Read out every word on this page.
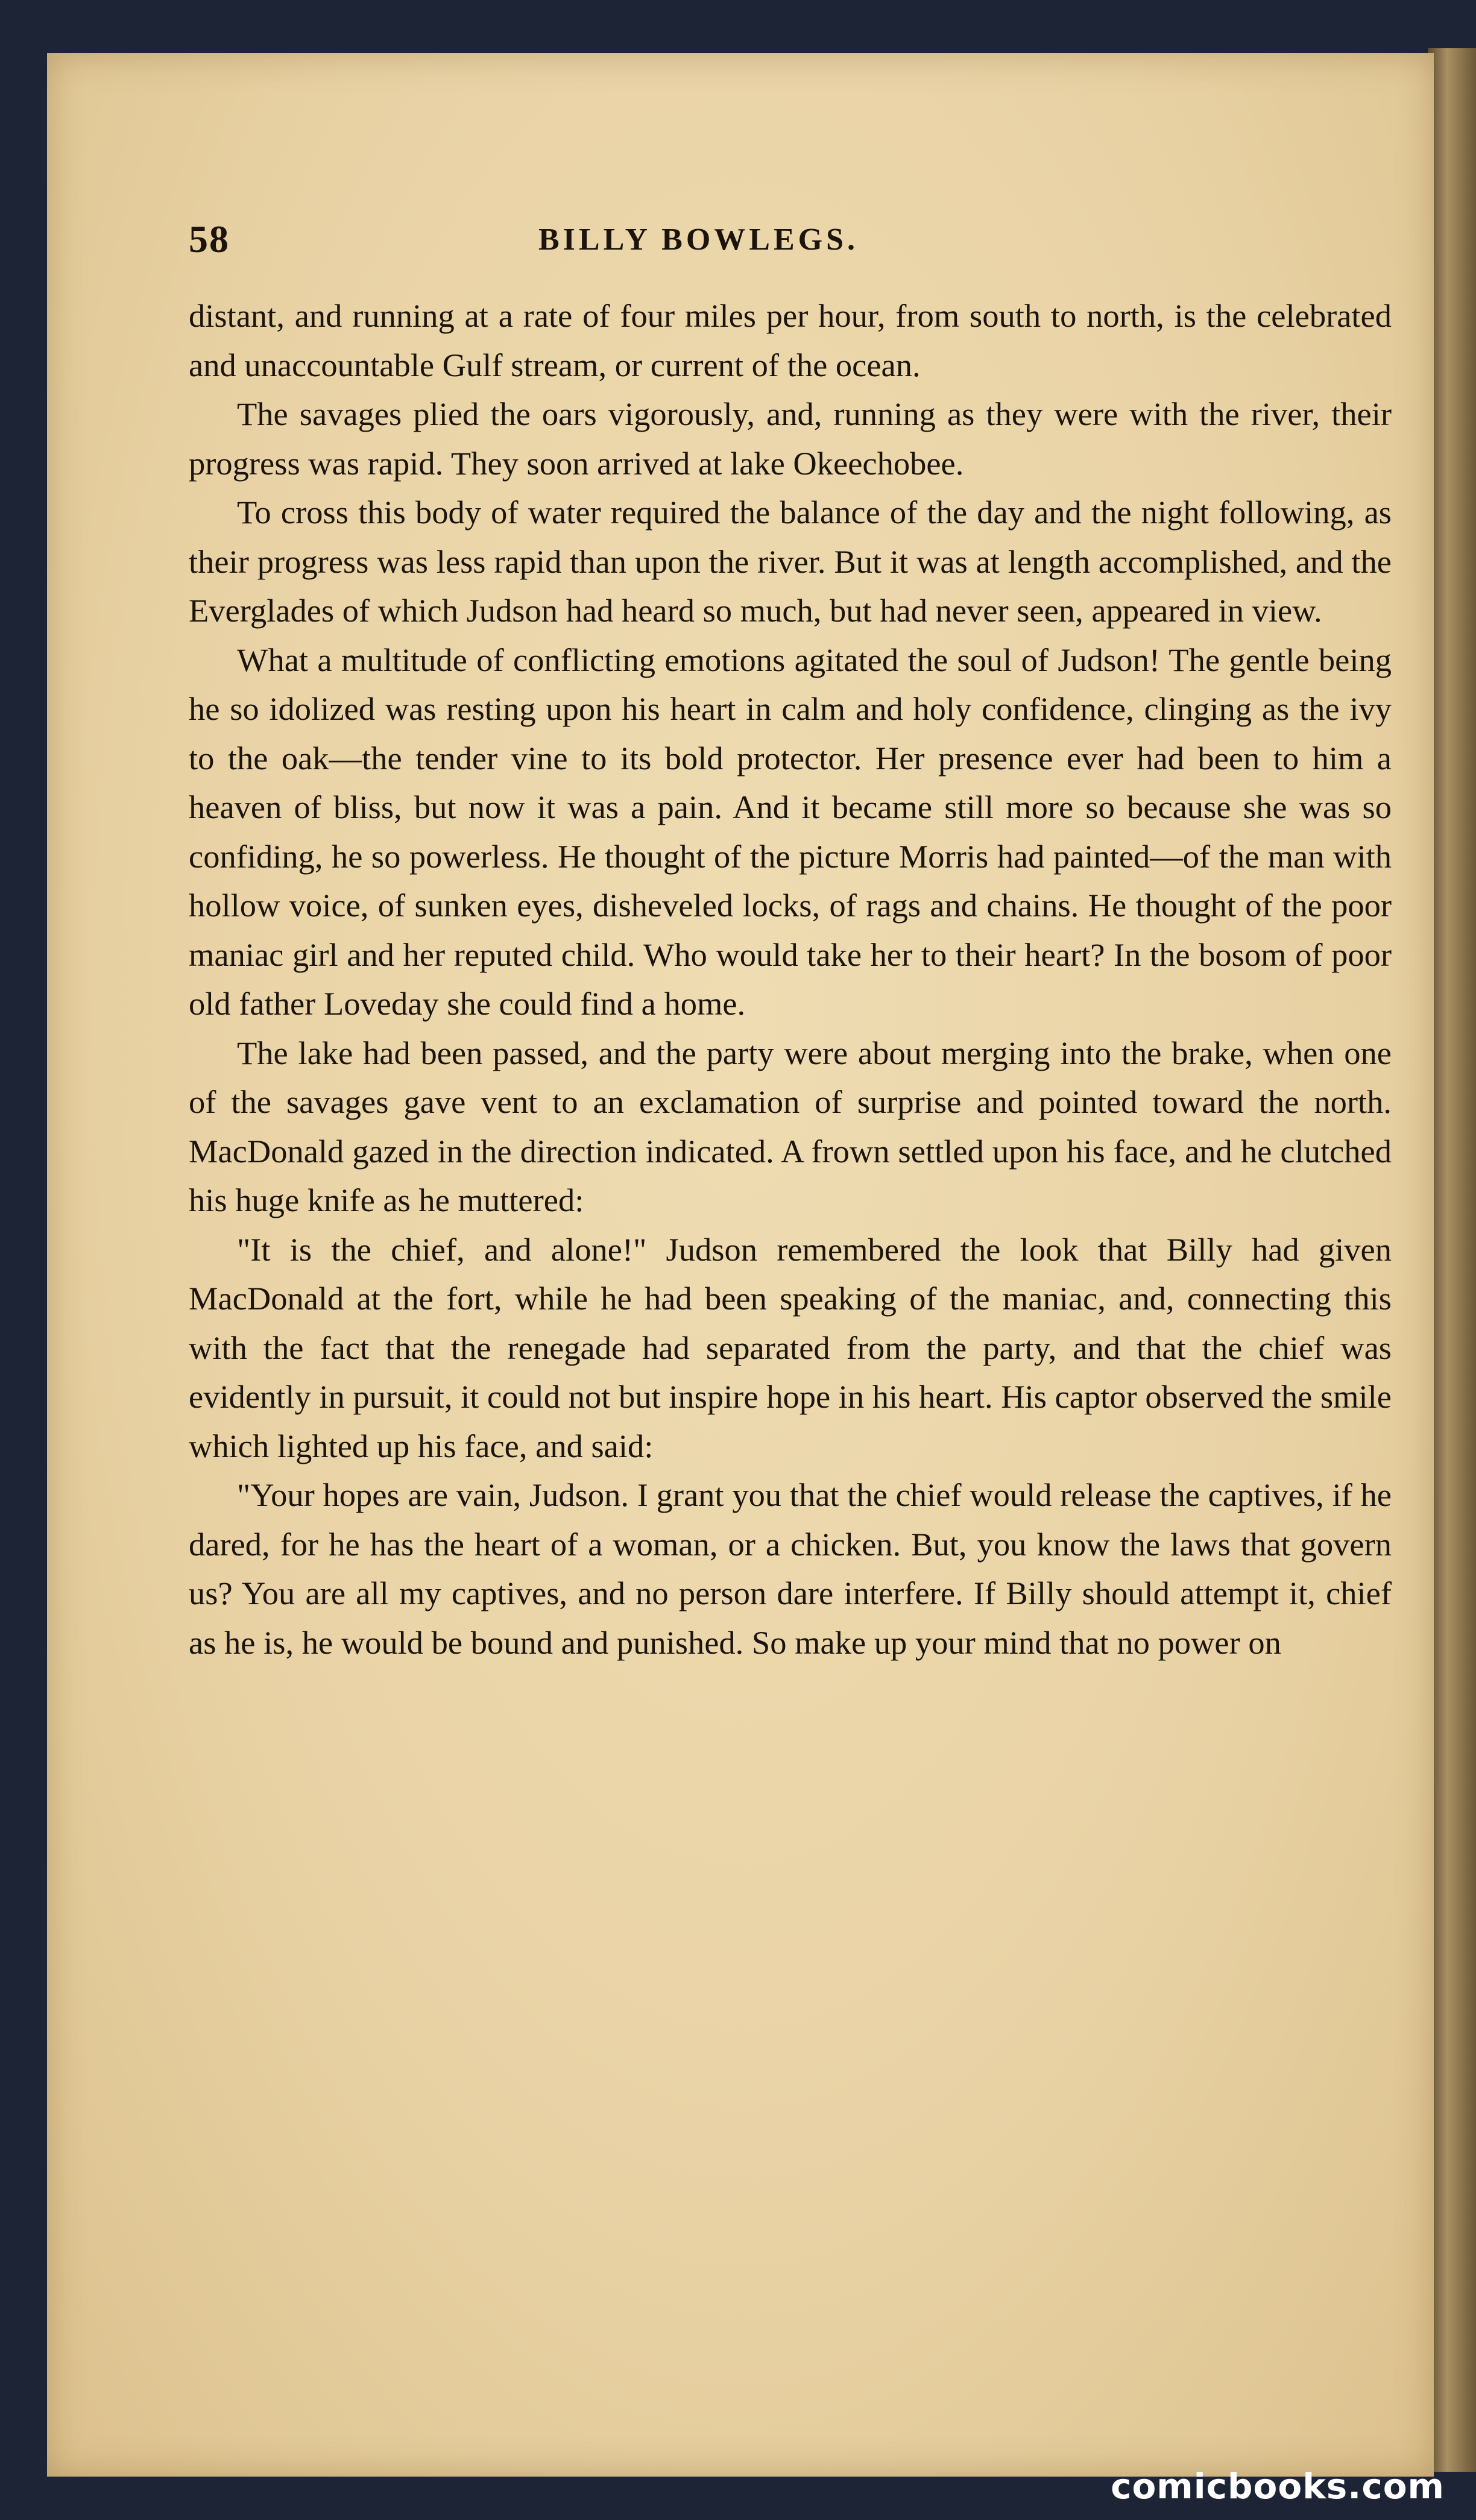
58	BILLY BOWLEGS.

distant, and running at a rate of four miles per hour, from south to north, is the celebrated and unaccountable Gulf stream, or current of the ocean.

The savages plied the oars vigorously, and, running as they were with the river, their progress was rapid. They soon arrived at lake Okeechobee.

To cross this body of water required the balance of the day and the night following, as their progress was less rapid than upon the river. But it was at length accomplished, and the Everglades of which Judson had heard so much, but had never seen, appeared in view.

What a multitude of conflicting emotions agitated the soul of Judson! The gentle being he so idolized was resting upon his heart in calm and holy confidence, clinging as the ivy to the oak—the tender vine to its bold protector. Her presence ever had been to him a heaven of bliss, but now it was a pain. And it became still more so because she was so confiding, he so powerless. He thought of the picture Morris had painted—of the man with hollow voice, of sunken eyes, disheveled locks, of rags and chains. He thought of the poor maniac girl and her reputed child. Who would take her to their heart? In the bosom of poor old father Loveday she could find a home.

The lake had been passed, and the party were about merging into the brake, when one of the savages gave vent to an exclamation of surprise and pointed toward the north. MacDonald gazed in the direction indicated. A frown settled upon his face, and he clutched his huge knife as he muttered:

"It is the chief, and alone!" Judson remembered the look that Billy had given MacDonald at the fort, while he had been speaking of the maniac, and, connecting this with the fact that the renegade had separated from the party, and that the chief was evidently in pursuit, it could not but inspire hope in his heart. His captor observed the smile which lighted up his face, and said:

"Your hopes are vain, Judson. I grant you that the chief would release the captives, if he dared, for he has the heart of a woman, or a chicken. But, you know the laws that govern us? You are all my captives, and no person dare interfere. If Billy should attempt it, chief as he is, he would be bound and punished. So make up your mind that no power on

comicbooks.com
